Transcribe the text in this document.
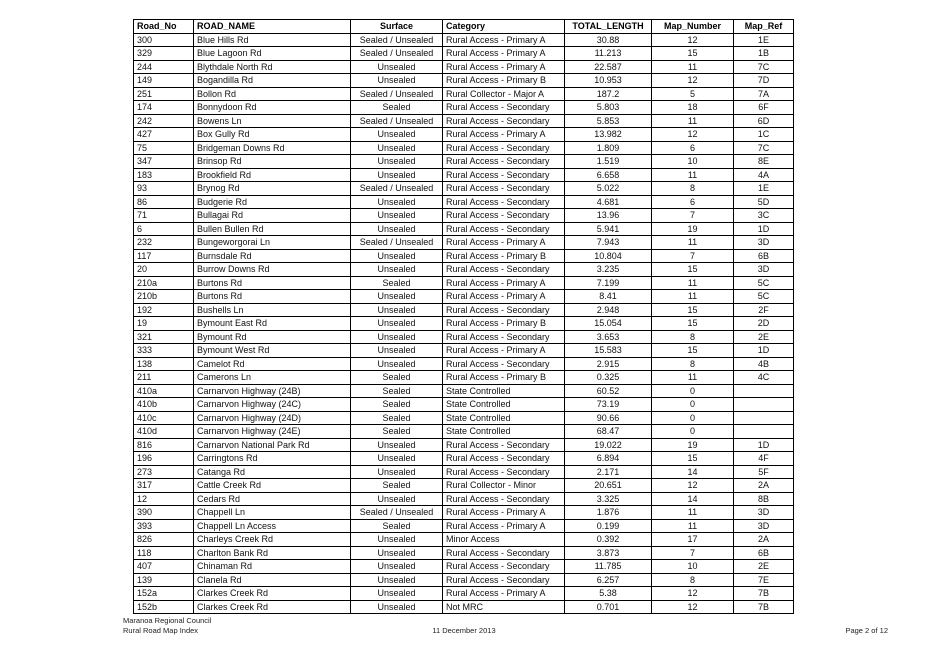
Road_No	ROAD_NAME	Surface	Category	TOTAL_LENGTH	Map_Number	Map_Ref
300	Blue Hills Rd	Sealed / Unsealed	Rural Access - Primary A	30.88	12	1E
329	Blue Lagoon Rd	Sealed / Unsealed	Rural Access - Primary A	11.213	15	1B
244	Blythdale North Rd	Unsealed	Rural Access - Primary A	22.587	11	7C
149	Bogandilla Rd	Unsealed	Rural Access - Primary B	10.953	12	7D
251	Bollon Rd	Sealed / Unsealed	Rural Collector - Major A	187.2	5	7A
174	Bonnydoon Rd	Sealed	Rural Access - Secondary	5.803	18	6F
242	Bowens Ln	Sealed / Unsealed	Rural Access - Secondary	5.853	11	6D
427	Box Gully Rd	Unsealed	Rural Access - Primary A	13.982	12	1C
75	Bridgeman Downs Rd	Unsealed	Rural Access - Secondary	1.809	6	7C
347	Brinsop Rd	Unsealed	Rural Access - Secondary	1.519	10	8E
183	Brookfield Rd	Unsealed	Rural Access - Secondary	6.658	11	4A
93	Brynog Rd	Sealed / Unsealed	Rural Access - Secondary	5.022	8	1E
86	Budgerie Rd	Unsealed	Rural Access - Secondary	4.681	6	5D
71	Bullagai Rd	Unsealed	Rural Access - Secondary	13.96	7	3C
6	Bullen Bullen Rd	Unsealed	Rural Access - Secondary	5.941	19	1D
232	Bungeworgorai Ln	Sealed / Unsealed	Rural Access - Primary A	7.943	11	3D
117	Burnsdale Rd	Unsealed	Rural Access - Primary B	10.804	7	6B
20	Burrow Downs Rd	Unsealed	Rural Access - Secondary	3.235	15	3D
210a	Burtons Rd	Sealed	Rural Access - Primary A	7.199	11	5C
210b	Burtons Rd	Unsealed	Rural Access - Primary A	8.41	11	5C
192	Bushells Ln	Unsealed	Rural Access - Secondary	2.948	15	2F
19	Bymount East Rd	Unsealed	Rural Access - Primary B	15.054	15	2D
321	Bymount Rd	Unsealed	Rural Access - Secondary	3.653	8	2E
333	Bymount West Rd	Unsealed	Rural Access - Primary A	15.583	15	1D
138	Camelot Rd	Unsealed	Rural Access - Secondary	2.915	8	4B
211	Camerons Ln	Sealed	Rural Access - Primary B	0.325	11	4C
410a	Carnarvon Highway (24B)	Sealed	State Controlled	60.52	0	
410b	Carnarvon Highway (24C)	Sealed	State Controlled	73.19	0	
410c	Carnarvon Highway (24D)	Sealed	State Controlled	90.66	0	
410d	Carnarvon Highway (24E)	Sealed	State Controlled	68.47	0	
816	Carnarvon National Park Rd	Unsealed	Rural Access - Secondary	19.022	19	1D
196	Carringtons Rd	Unsealed	Rural Access - Secondary	6.894	15	4F
273	Catanga Rd	Unsealed	Rural Access - Secondary	2.171	14	5F
317	Cattle Creek Rd	Sealed	Rural Collector - Minor	20.651	12	2A
12	Cedars Rd	Unsealed	Rural Access - Secondary	3.325	14	8B
390	Chappell Ln	Sealed / Unsealed	Rural Access - Primary A	1.876	11	3D
393	Chappell Ln Access	Sealed	Rural Access - Primary A	0.199	11	3D
826	Charleys Creek Rd	Unsealed	Minor Access	0.392	17	2A
118	Charlton Bank Rd	Unsealed	Rural Access - Secondary	3.873	7	6B
407	Chinaman Rd	Unsealed	Rural Access - Secondary	11.785	10	2E
139	Clanela Rd	Unsealed	Rural Access - Secondary	6.257	8	7E
152a	Clarkes Creek Rd	Unsealed	Rural Access - Primary A	5.38	12	7B
152b	Clarkes Creek Rd	Unsealed	Not MRC	0.701	12	7B
Maranoa Regional Council
Rural Road Map Index	11 December 2013	Page 2 of 12
